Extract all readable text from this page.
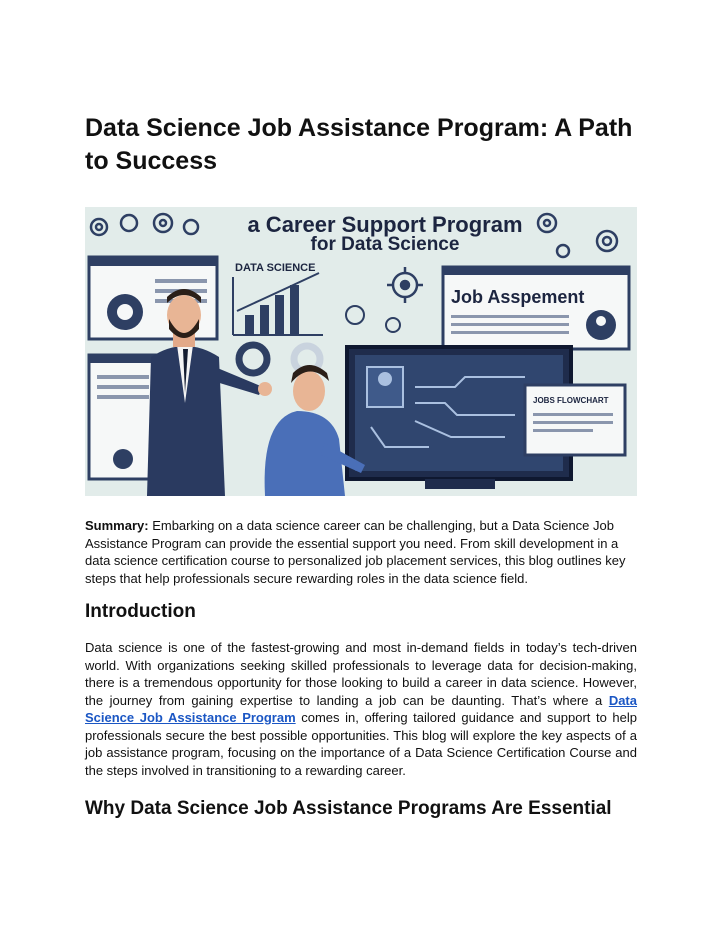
Data Science Job Assistance Program: A Path to Success
a Career Support Program
for Data Science
DATA SCIENCE
Job Asspement
JOBS FLOWCHART

Summary: Embarking on a data science career can be challenging, but a Data Science Job Assistance Program can provide the essential support you need. From skill development in a data science certification course to personalized job placement services, this blog outlines key steps that help professionals secure rewarding roles in the data science field.

Introduction

Data science is one of the fastest-growing and most in-demand fields in today’s tech-driven world. With organizations seeking skilled professionals to leverage data for decision-making, there is a tremendous opportunity for those looking to build a career in data science. However, the journey from gaining expertise to landing a job can be daunting. That’s where a Data Science Job Assistance Program comes in, offering tailored guidance and support to help professionals secure the best possible opportunities. This blog will explore the key aspects of a job assistance program, focusing on the importance of a Data Science Certification Course and the steps involved in transitioning to a rewarding career.

Why Data Science Job Assistance Programs Are Essential
